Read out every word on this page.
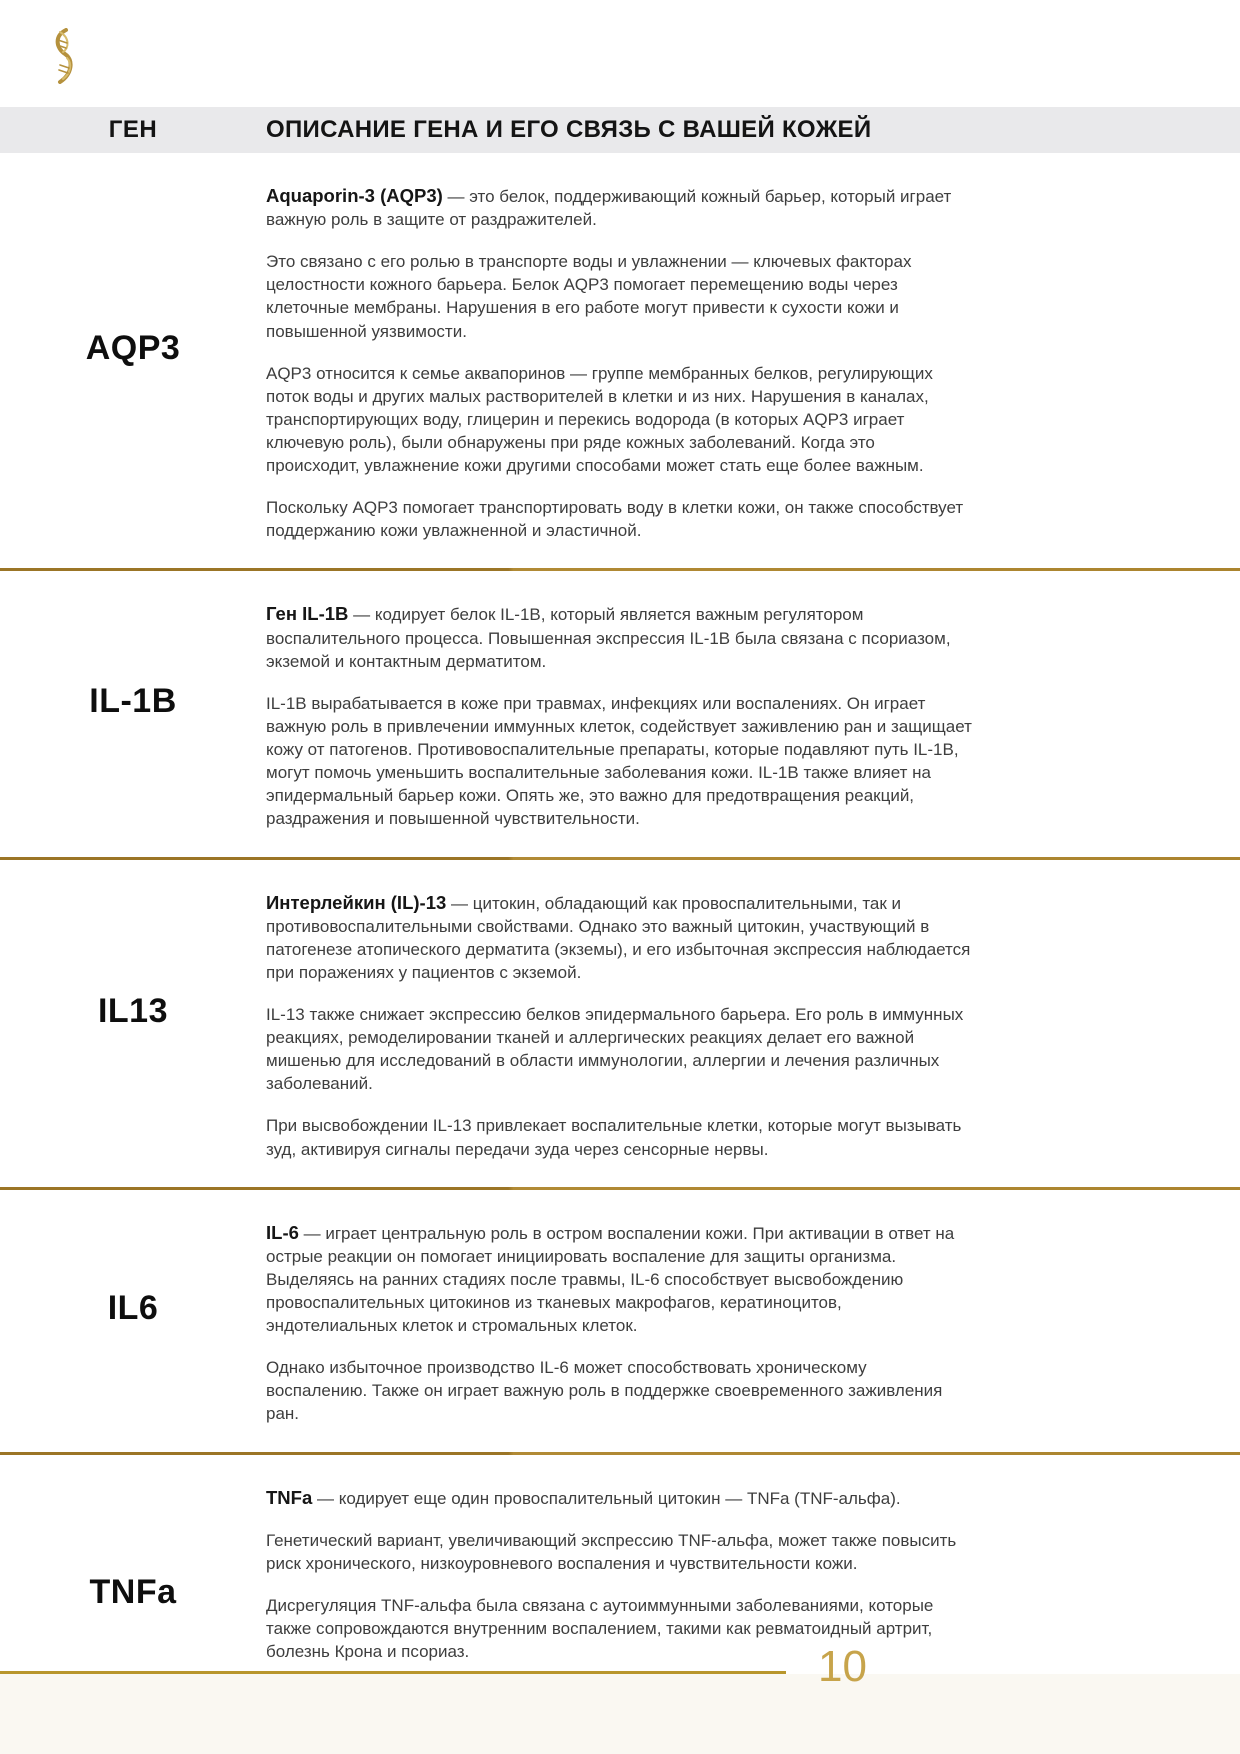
ГЕН	ОПИСАНИЕ ГЕНА И ЕГО СВЯЗЬ С ВАШЕЙ КОЖЕЙ
AQP3

Aquaporin-3 (AQP3) — это белок, поддерживающий кожный барьер, который играет важную роль в защите от раздражителей.

Это связано с его ролью в транспорте воды и увлажнении — ключевых факторах целостности кожного барьера. Белок AQP3 помогает перемещению воды через клеточные мембраны. Нарушения в его работе могут привести к сухости кожи и повышенной уязвимости.

AQP3 относится к семье аквапоринов — группе мембранных белков, регулирующих поток воды и других малых растворителей в клетки и из них. Нарушения в каналах, транспортирующих воду, глицерин и перекись водорода (в которых AQP3 играет ключевую роль), были обнаружены при ряде кожных заболеваний. Когда это происходит, увлажнение кожи другими способами может стать еще более важным.

Поскольку AQP3 помогает транспортировать воду в клетки кожи, он также способствует поддержанию кожи увлажненной и эластичной.

IL-1B

Ген IL-1B — кодирует белок IL-1B, который является важным регулятором воспалительного процесса. Повышенная экспрессия IL-1B была связана с псориазом, экземой и контактным дерматитом.

IL-1B вырабатывается в коже при травмах, инфекциях или воспалениях. Он играет важную роль в привлечении иммунных клеток, содействует заживлению ран и защищает кожу от патогенов. Противовоспалительные препараты, которые подавляют путь IL-1B, могут помочь уменьшить воспалительные заболевания кожи. IL-1B также влияет на эпидермальный барьер кожи. Опять же, это важно для предотвращения реакций, раздражения и повышенной чувствительности.

IL13

Интерлейкин (IL)-13 — цитокин, обладающий как провоспалительными, так и противовоспалительными свойствами. Однако это важный цитокин, участвующий в патогенезе атопического дерматита (экземы), и его избыточная экспрессия наблюдается при поражениях у пациентов с экземой.

IL-13 также снижает экспрессию белков эпидермального барьера. Его роль в иммунных реакциях, ремоделировании тканей и аллергических реакциях делает его важной мишенью для исследований в области иммунологии, аллергии и лечения различных заболеваний.

При высвобождении IL-13 привлекает воспалительные клетки, которые могут вызывать зуд, активируя сигналы передачи зуда через сенсорные нервы.

IL6

IL-6 — играет центральную роль в остром воспалении кожи. При активации в ответ на острые реакции он помогает инициировать воспаление для защиты организма. Выделяясь на ранних стадиях после травмы, IL-6 способствует высвобождению провоспалительных цитокинов из тканевых макрофагов, кератиноцитов, эндотелиальных клеток и стромальных клеток.

Однако избыточное производство IL-6 может способствовать хроническому воспалению. Также он играет важную роль в поддержке своевременного заживления ран.

TNFa

TNFa — кодирует еще один провоспалительный цитокин — TNFa (TNF-альфа).

Генетический вариант, увеличивающий экспрессию TNF-альфа, может также повысить риск хронического, низкоуровневого воспаления и чувствительности кожи.

Дисрегуляция TNF-альфа была связана с аутоиммунными заболеваниями, которые также сопровождаются внутренним воспалением, такими как ревматоидный артрит, болезнь Крона и псориаз.	10
